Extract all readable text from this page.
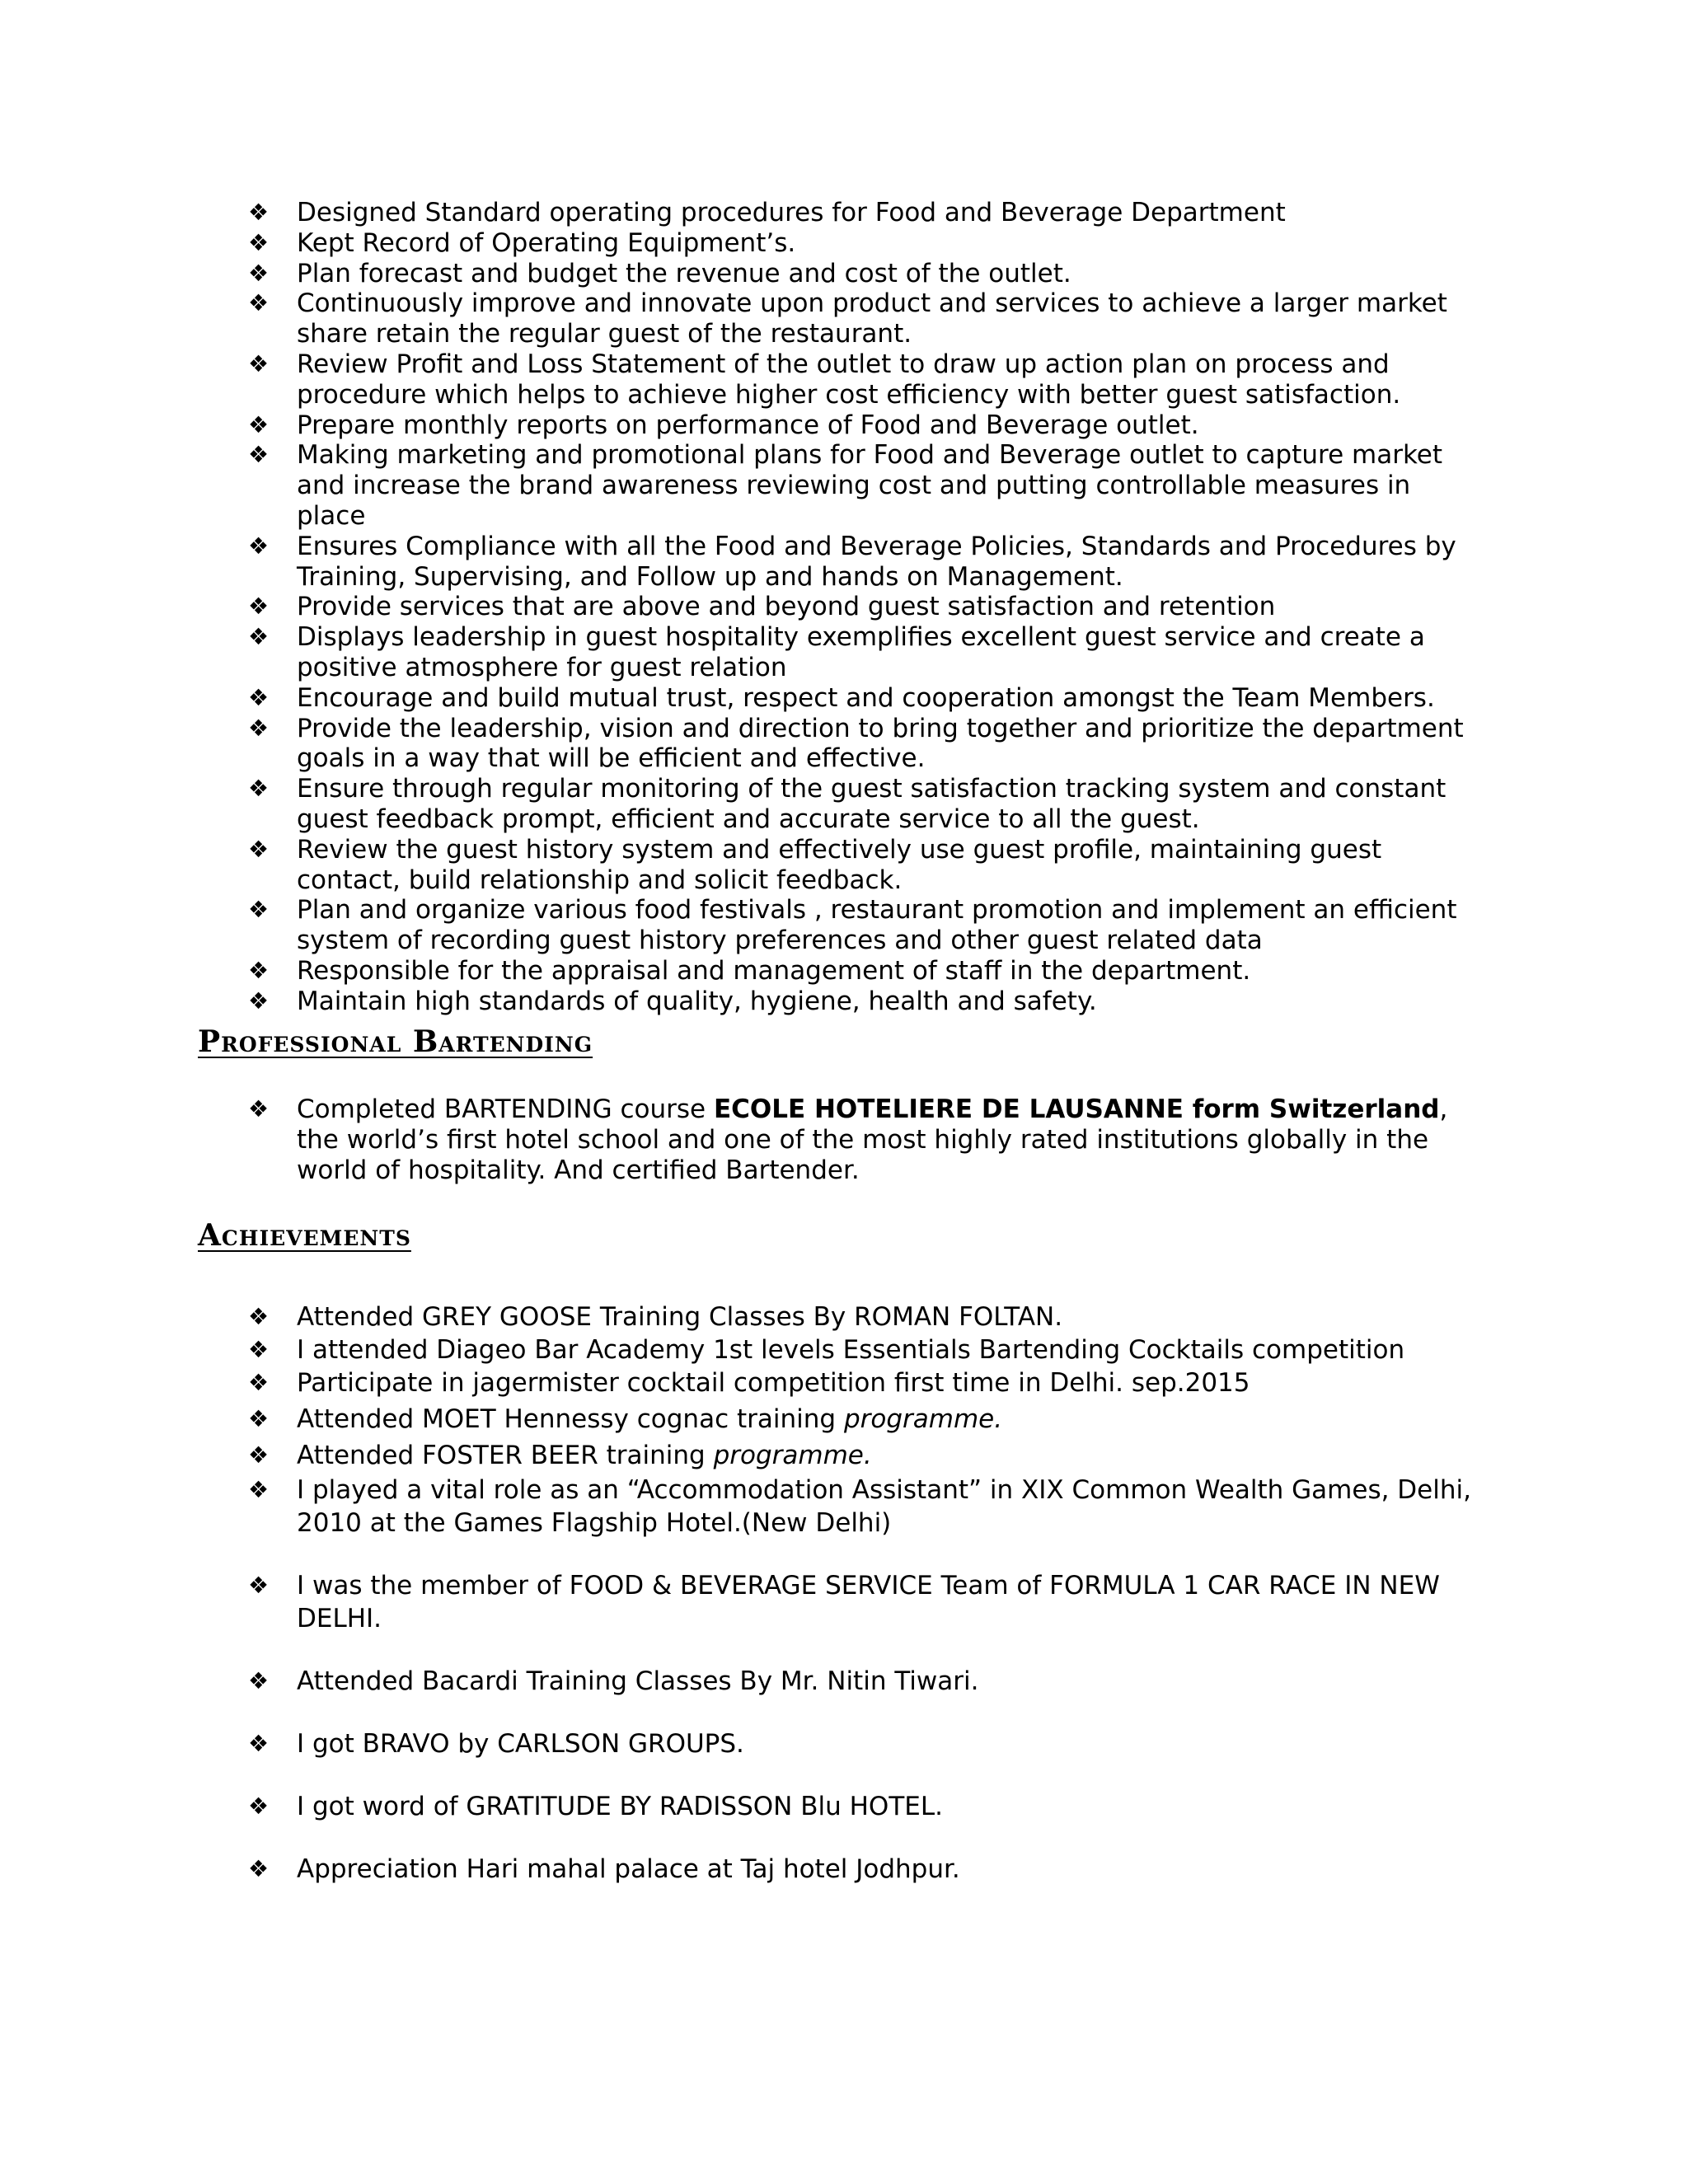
❖ Designed Standard operating procedures for Food and Beverage Department
❖ Kept Record of Operating Equipment’s.
❖ Plan forecast and budget the revenue and cost of the outlet.
❖ Continuously improve and innovate upon product and services to achieve a larger market share retain the regular guest of the restaurant.
❖ Review Profit and Loss Statement of the outlet to draw up action plan on process and procedure which helps to achieve higher cost efficiency with better guest satisfaction.
❖ Prepare monthly reports on performance of Food and Beverage outlet.
❖ Making marketing and promotional plans for Food and Beverage outlet to capture market and increase the brand awareness reviewing cost and putting controllable measures in place
❖ Ensures Compliance with all the Food and Beverage Policies, Standards and Procedures by Training, Supervising, and Follow up and hands on Management.
❖ Provide services that are above and beyond guest satisfaction and retention
❖ Displays leadership in guest hospitality exemplifies excellent guest service and create a positive atmosphere for guest relation
❖ Encourage and build mutual trust, respect and cooperation amongst the Team Members.
❖ Provide the leadership, vision and direction to bring together and prioritize the department goals in a way that will be efficient and effective.
❖ Ensure through regular monitoring of the guest satisfaction tracking system and constant guest feedback prompt, efficient and accurate service to all the guest.
❖ Review the guest history system and effectively use guest profile, maintaining guest contact, build relationship and solicit feedback.
❖ Plan and organize various food festivals , restaurant promotion and implement an efficient system of recording guest history preferences and other guest related data
❖ Responsible for the appraisal and management of staff in the department.
❖ Maintain high standards of quality, hygiene, health and safety.
Professional Bartending
❖ Completed BARTENDING course ECOLE HOTELIERE DE LAUSANNE form Switzerland, the world’s first hotel school and one of the most highly rated institutions globally in the world of hospitality. And certified Bartender.
Achievements
❖ Attended GREY GOOSE Training Classes By ROMAN FOLTAN.
❖ I attended Diageo Bar Academy 1st levels Essentials Bartending Cocktails competition
❖ Participate in jagermister cocktail competition first time in Delhi. sep.2015
❖ Attended MOET Hennessy cognac training programme.
❖ Attended FOSTER BEER training programme.
❖ I played a vital role as an “Accommodation Assistant” in XIX Common Wealth Games, Delhi, 2010 at the Games Flagship Hotel.(New Delhi)
❖ I was the member of FOOD & BEVERAGE SERVICE Team of FORMULA 1 CAR RACE IN NEW DELHI.
❖ Attended Bacardi Training Classes By Mr. Nitin Tiwari.
❖ I got BRAVO by CARLSON GROUPS.
❖ I got word of GRATITUDE BY RADISSON Blu HOTEL.
❖ Appreciation Hari mahal palace at Taj hotel Jodhpur.
